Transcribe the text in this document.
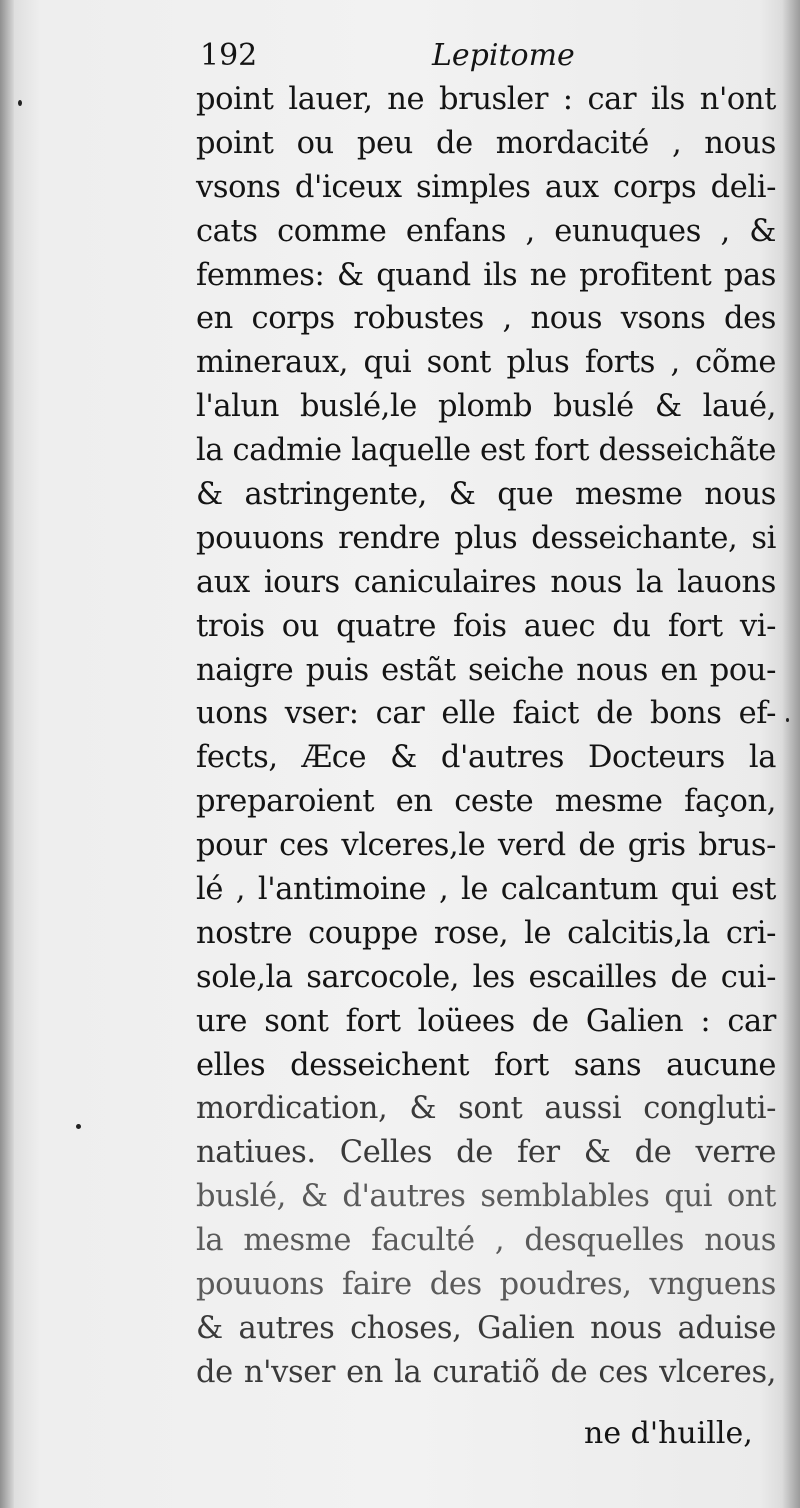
192	Lepitome
point lauer, ne brusler : car ils n'ont
point ou peu de mordacité , nous
vsons d'iceux simples aux corps deli-
cats comme enfans , eunuques , &
femmes: & quand ils ne profitent pas
en corps robustes , nous vsons des
mineraux, qui sont plus forts , cõme
l'alun buslé,le plomb buslé & laué,
la cadmie laquelle est fort desseichãte
& astringente, & que mesme nous
pouuons rendre plus desseichante, si
aux iours caniculaires nous la lauons
trois ou quatre fois auec du fort vi-
naigre puis estãt seiche nous en pou-
uons vser: car elle faict de bons ef-
fects, Æce & d'autres Docteurs la
preparoient en ceste mesme façon,
pour ces vlceres,le verd de gris brus-
lé , l'antimoine , le calcantum qui est
nostre couppe rose, le calcitis,la cri-
sole,la sarcocole, les escailles de cui-
ure sont fort loüees de Galien : car
elles desseichent fort sans aucune
mordication, & sont aussi congluti-
natiues. Celles de fer & de verre
buslé, & d'autres semblables qui ont
la mesme faculté , desquelles nous
pouuons faire des poudres, vnguens
& autres choses, Galien nous aduise
de n'vser en la curatiõ de ces vlceres,
ne d'huille,
